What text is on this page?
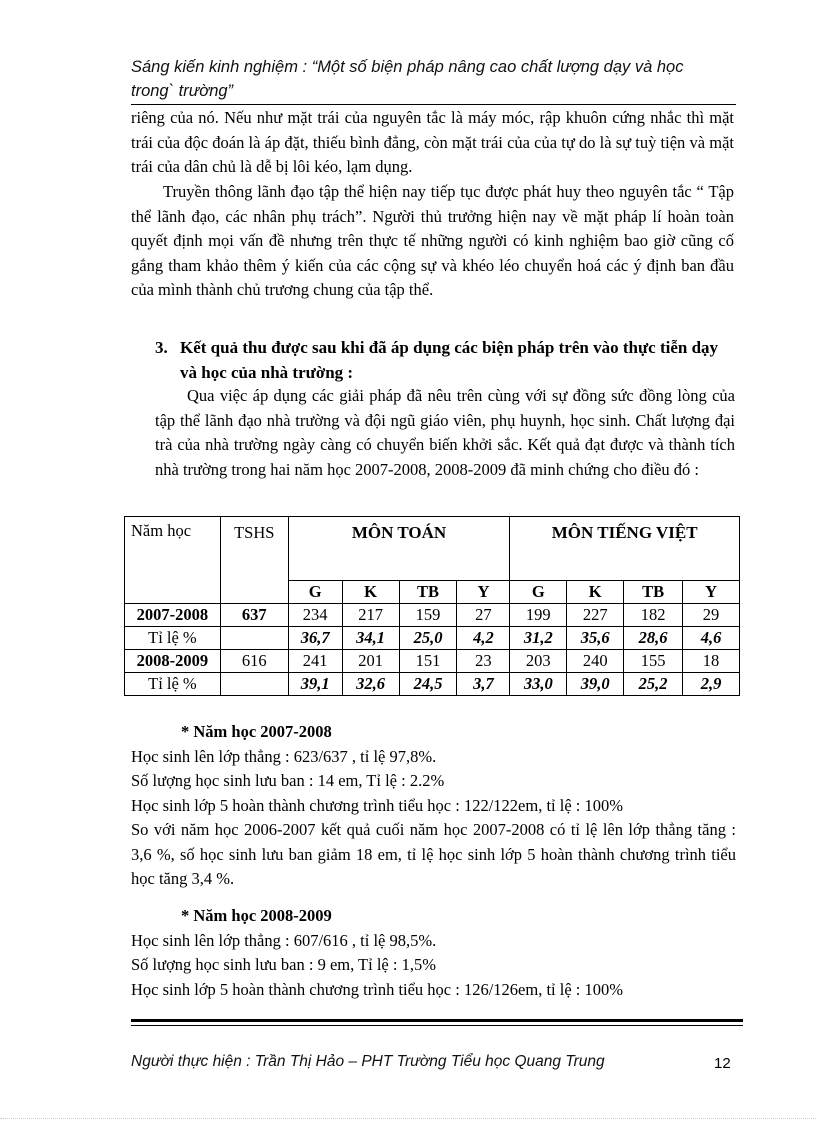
Sáng kiến kinh nghiệm : “Một số biện pháp nâng cao chất lượng dạy và học
trong` trường”
riêng của nó. Nếu như mặt trái của nguyên tắc là máy móc, rập khuôn cứng nhắc thì mặt trái của độc đoán là áp đặt, thiếu bình đẳng, còn mặt trái của của tự do là sự tuỳ tiện và mặt trái của dân chủ là dễ bị lôi kéo, lạm dụng.
Truyền thông lãnh đạo tập thể hiện nay tiếp tục được phát huy theo nguyên tắc “ Tập thể lãnh đạo, các nhân phụ trách”. Người thủ trưởng hiện nay về mặt pháp lí hoàn toàn quyết định mọi vấn đề nhưng trên thực tế những người có kinh nghiệm bao giờ cũng cố gắng tham khảo thêm ý kiến của các cộng sự và khéo léo chuyển hoá các ý định ban đầu của mình thành chủ trương chung của tập thể.
3. Kết quả thu được sau khi đã áp dụng các biện pháp trên vào thực tiễn dạy và học của nhà trường :
Qua việc áp dụng các giải pháp đã nêu trên cùng với sự đồng sức đồng lòng của tập thể lãnh đạo nhà trường và đội ngũ giáo viên, phụ huynh, học sinh. Chất lượng đại trà của nhà trường ngày càng có chuyển biến khởi sắc. Kết quả đạt được và thành tích nhà trường trong hai năm học 2007-2008, 2008-2009 đã minh chứng cho điều đó :
Năm học	TSHS	MÔN TOÁN				MÔN TIẾNG VIỆT			
		G	K	TB	Y	G	K	TB	Y
2007-2008	637	234	217	159	27	199	227	182	29
Tỉ lệ %		36,7	34,1	25,0	4,2	31,2	35,6	28,6	4,6
2008-2009	616	241	201	151	23	203	240	155	18
Tỉ lệ %		39,1	32,6	24,5	3,7	33,0	39,0	25,2	2,9
* Năm học 2007-2008
Học sinh lên lớp thẳng : 623/637 , tỉ lệ 97,8%.
Số lượng học sinh lưu ban : 14 em, Tỉ lệ : 2.2%
Học sinh lớp 5 hoàn thành chương trình tiểu học : 122/122em, tỉ lệ : 100%
So với năm học 2006-2007 kết quả cuối năm học 2007-2008 có tỉ lệ lên lớp thẳng tăng : 3,6 %, số học sinh lưu ban giảm 18 em, tỉ lệ học sinh lớp 5 hoàn thành chương trình tiểu học tăng 3,4 %.
* Năm học 2008-2009
Học sinh lên lớp thẳng : 607/616 , tỉ lệ 98,5%.
Số lượng học sinh lưu ban : 9 em, Tỉ lệ : 1,5%
Học sinh lớp 5 hoàn thành chương trình tiểu học : 126/126em, tỉ lệ : 100%
Người thực hiện : Trần Thị Hảo – PHT Trường Tiểu học Quang Trung	12
